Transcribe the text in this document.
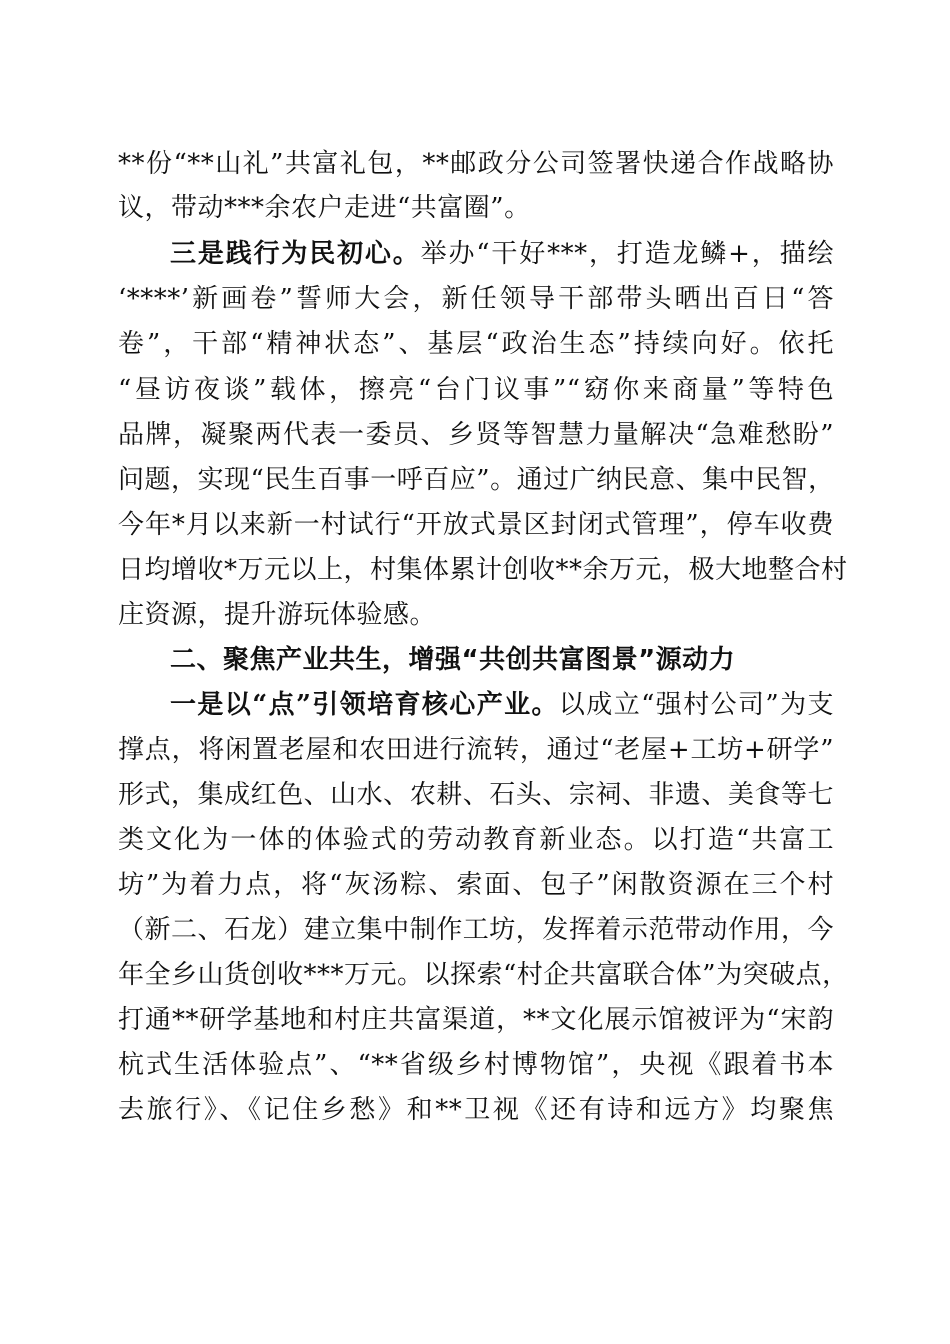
**份“**山礼”共富礼包，**邮政分公司签署快递合作战略协
议，带动***余农户走进“共富圈”。
三是践行为民初心。举办“干好***，打造龙鳞+，描绘
‘****’新画卷”誓师大会，新任领导干部带头晒出百日“答
卷”，干部“精神状态”、基层“政治生态”持续向好。依托
“昼访夜谈”载体，擦亮“台门议事”“窈你来商量”等特色
品牌，凝聚两代表一委员、乡贤等智慧力量解决“急难愁盼”
问题，实现“民生百事一呼百应”。通过广纳民意、集中民智，
今年*月以来新一村试行“开放式景区封闭式管理”，停车收费
日均增收*万元以上，村集体累计创收**余万元，极大地整合村
庄资源，提升游玩体验感。
二、聚焦产业共生，增强“共创共富图景”源动力
一是以“点”引领培育核心产业。以成立“强村公司”为支
撑点，将闲置老屋和农田进行流转，通过“老屋+工坊+研学”
形式，集成红色、山水、农耕、石头、宗祠、非遗、美食等七
类文化为一体的体验式的劳动教育新业态。以打造“共富工
坊”为着力点，将“灰汤粽、索面、包子”闲散资源在三个村
（新二、石龙）建立集中制作工坊，发挥着示范带动作用，今
年全乡山货创收***万元。以探索“村企共富联合体”为突破点，
打通**研学基地和村庄共富渠道，**文化展示馆被评为“宋韵
杭式生活体验点”、“**省级乡村博物馆”，央视《跟着书本
去旅行》、《记住乡愁》和**卫视《还有诗和远方》均聚焦
